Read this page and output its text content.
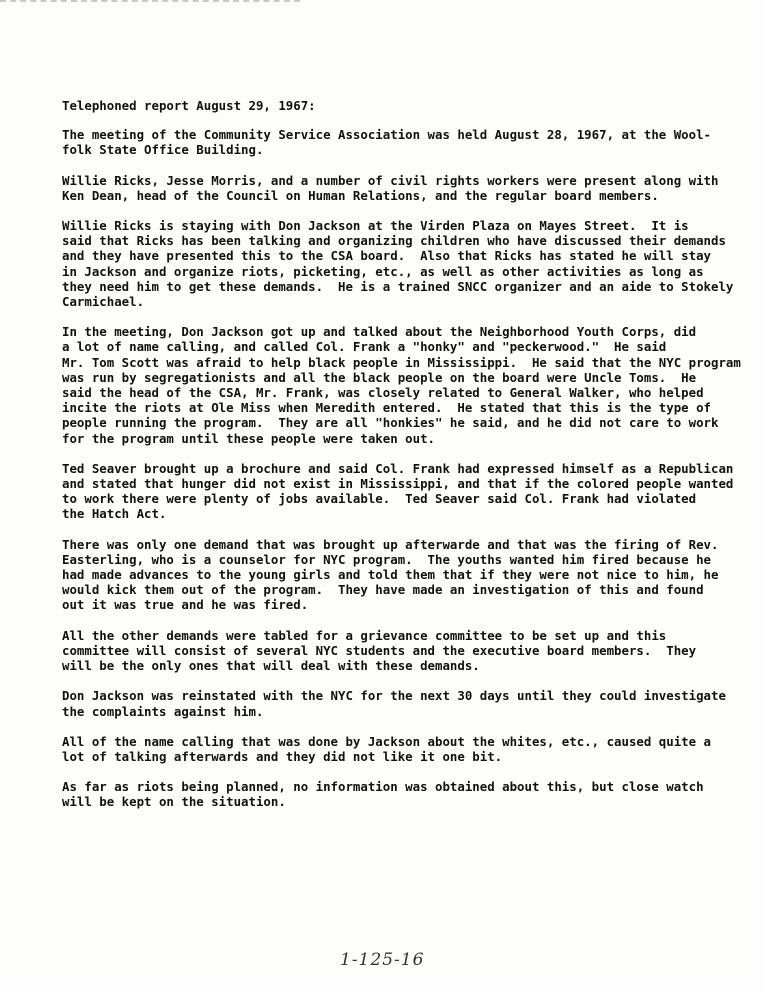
Telephoned report August 29, 1967:

The meeting of the Community Service Association was held August 28, 1967, at the Wool-
folk State Office Building.

Willie Ricks, Jesse Morris, and a number of civil rights workers were present along with
Ken Dean, head of the Council on Human Relations, and the regular board members.

Willie Ricks is staying with Don Jackson at the Virden Plaza on Mayes Street.  It is
said that Ricks has been talking and organizing children who have discussed their demands
and they have presented this to the CSA board.  Also that Ricks has stated he will stay
in Jackson and organize riots, picketing, etc., as well as other activities as long as
they need him to get these demands.  He is a trained SNCC organizer and an aide to Stokely
Carmichael.

In the meeting, Don Jackson got up and talked about the Neighborhood Youth Corps, did
a lot of name calling, and called Col. Frank a "honky" and "peckerwood."  He said
Mr. Tom Scott was afraid to help black people in Mississippi.  He said that the NYC program
was run by segregationists and all the black people on the board were Uncle Toms.  He
said the head of the CSA, Mr. Frank, was closely related to General Walker, who helped
incite the riots at Ole Miss when Meredith entered.  He stated that this is the type of
people running the program.  They are all "honkies" he said, and he did not care to work
for the program until these people were taken out.

Ted Seaver brought up a brochure and said Col. Frank had expressed himself as a Republican
and stated that hunger did not exist in Mississippi, and that if the colored people wanted
to work there were plenty of jobs available.  Ted Seaver said Col. Frank had violated
the Hatch Act.

There was only one demand that was brought up afterwarde and that was the firing of Rev.
Easterling, who is a counselor for NYC program.  The youths wanted him fired because he
had made advances to the young girls and told them that if they were not nice to him, he
would kick them out of the program.  They have made an investigation of this and found
out it was true and he was fired.

All the other demands were tabled for a grievance committee to be set up and this
committee will consist of several NYC students and the executive board members.  They
will be the only ones that will deal with these demands.

Don Jackson was reinstated with the NYC for the next 30 days until they could investigate
the complaints against him.

All of the name calling that was done by Jackson about the whites, etc., caused quite a
lot of talking afterwards and they did not like it one bit.

As far as riots being planned, no information was obtained about this, but close watch
will be kept on the situation.

1-125-16
